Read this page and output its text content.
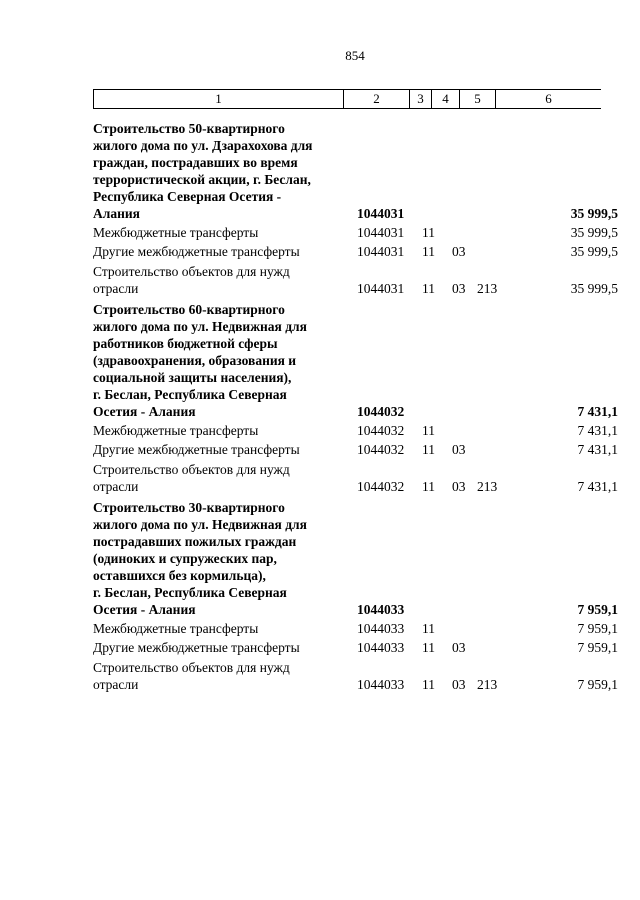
854
1	2	3	4	5	6
Строительство 50-квартирного
жилого дома по ул. Дзарахохова для
граждан, пострадавших во время
террористической акции, г. Беслан,
Республика Северная Осетия -
Алания	1044031	35 999,5
Межбюджетные трансферты	1044031 11	35 999,5
Другие межбюджетные трансферты	1044031 11 03	35 999,5
Строительство объектов для нужд
отрасли	1044031 11 03 213	35 999,5
Строительство 60-квартирного
жилого дома по ул. Недвижная для
работников бюджетной сферы
(здравоохранения, образования и
социальной защиты населения),
г. Беслан, Республика Северная
Осетия - Алания	1044032	7 431,1
Межбюджетные трансферты	1044032 11	7 431,1
Другие межбюджетные трансферты	1044032 11 03	7 431,1
Строительство объектов для нужд
отрасли	1044032 11 03 213	7 431,1
Строительство 30-квартирного
жилого дома по ул. Недвижная для
пострадавших пожилых граждан
(одиноких и супружеских пар,
оставшихся без кормильца),
г. Беслан, Республика Северная
Осетия - Алания	1044033	7 959,1
Межбюджетные трансферты	1044033 11	7 959,1
Другие межбюджетные трансферты	1044033 11 03	7 959,1
Строительство объектов для нужд
отрасли	1044033 11 03 213	7 959,1
